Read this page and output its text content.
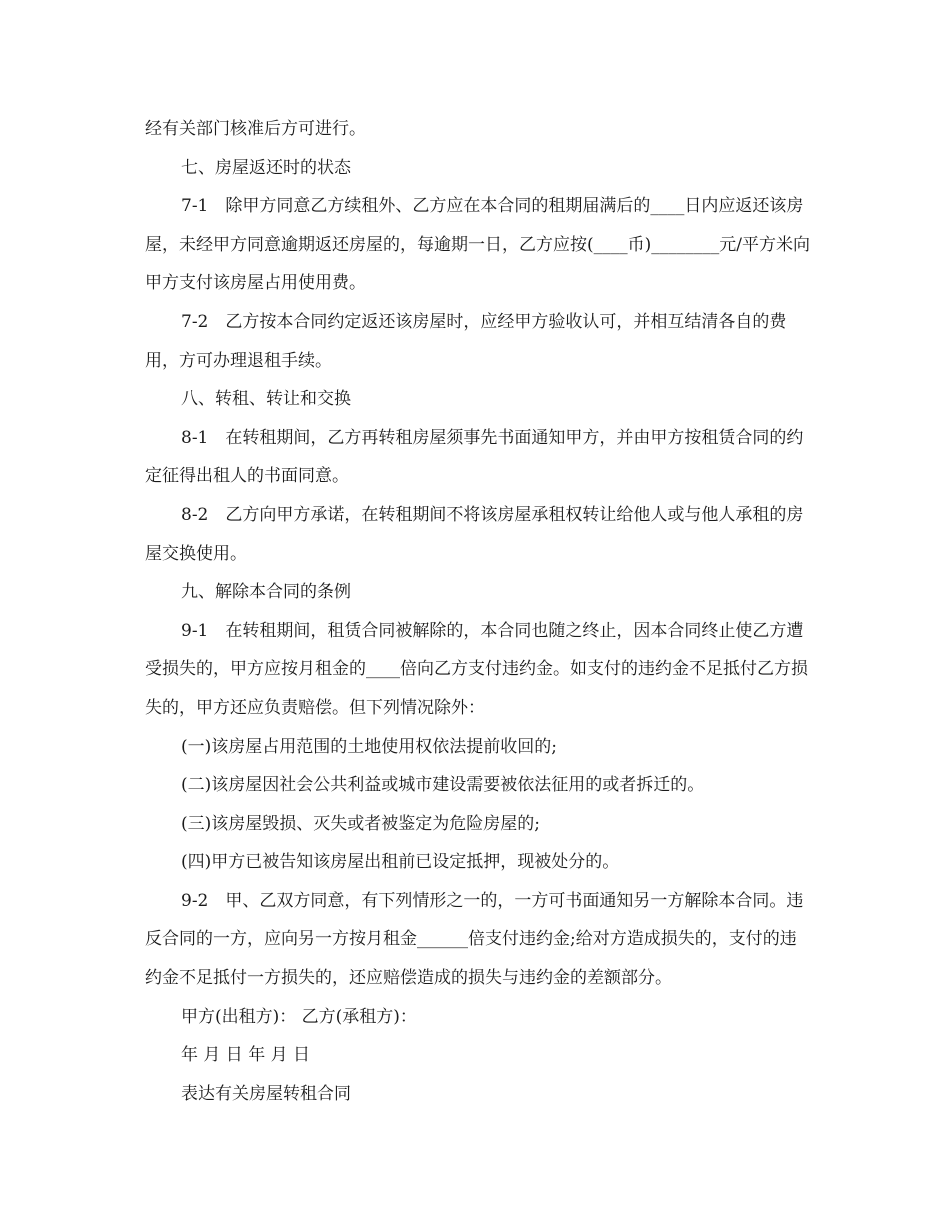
经有关部门核准后方可进行。

七、房屋返还时的状态

7-1　除甲方同意乙方续租外、乙方应在本合同的租期届满后的____日内应返还该房屋，未经甲方同意逾期返还房屋的，每逾期一日，乙方应按(____币)________元/平方米向甲方支付该房屋占用使用费。

7-2　乙方按本合同约定返还该房屋时，应经甲方验收认可，并相互结清各自的费用，方可办理退租手续。

八、转租、转让和交换

8-1　在转租期间，乙方再转租房屋须事先书面通知甲方，并由甲方按租赁合同的约定征得出租人的书面同意。

8-2　乙方向甲方承诺，在转租期间不将该房屋承租权转让给他人或与他人承租的房屋交换使用。

九、解除本合同的条例

9-1　在转租期间，租赁合同被解除的，本合同也随之终止，因本合同终止使乙方遭受损失的，甲方应按月租金的____倍向乙方支付违约金。如支付的违约金不足抵付乙方损失的，甲方还应负责赔偿。但下列情况除外：

(一)该房屋占用范围的土地使用权依法提前收回的;

(二)该房屋因社会公共利益或城市建设需要被依法征用的或者拆迁的。

(三)该房屋毁损、灭失或者被鉴定为危险房屋的;

(四)甲方已被告知该房屋出租前已设定抵押，现被处分的。

9-2　甲、乙双方同意，有下列情形之一的，一方可书面通知另一方解除本合同。违反合同的一方，应向另一方按月租金______倍支付违约金;给对方造成损失的，支付的违约金不足抵付一方损失的，还应赔偿造成的损失与违约金的差额部分。

甲方(出租方)： 乙方(承租方)：

年 月 日 年 月 日

表达有关房屋转租合同
